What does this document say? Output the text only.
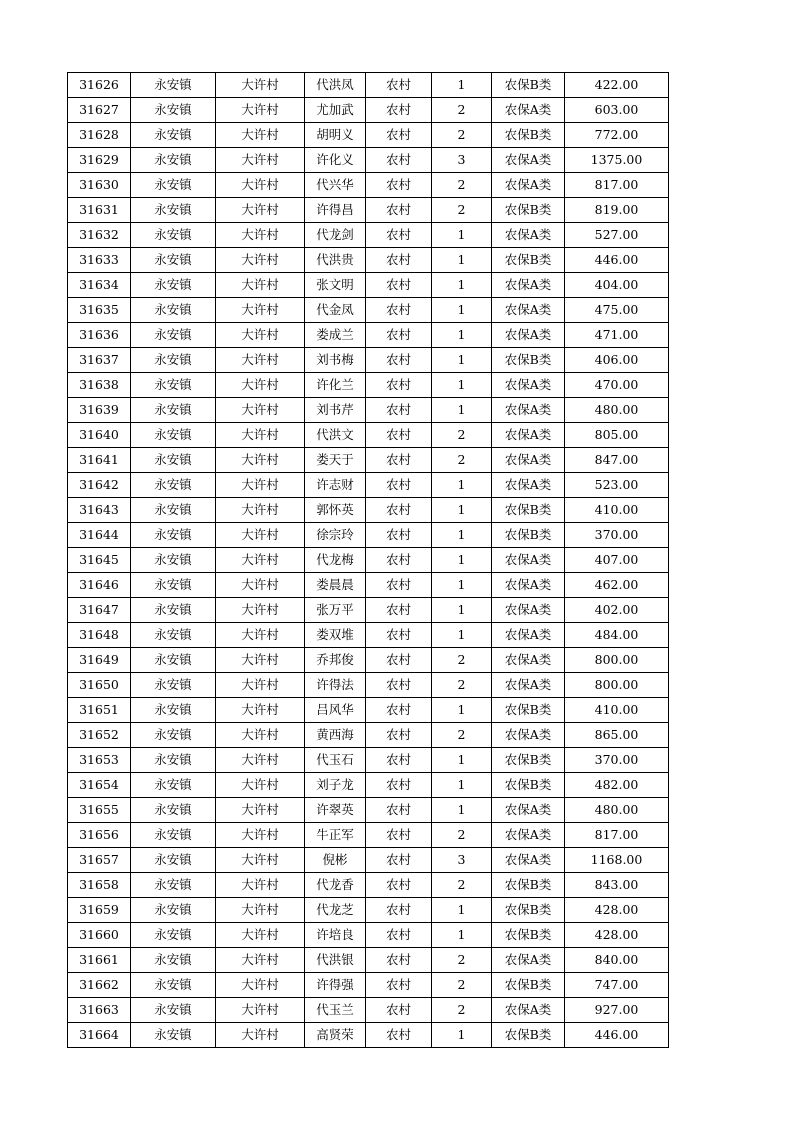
31626	永安镇	大许村	代洪凤	农村	1	农保B类	422.00
31627	永安镇	大许村	尤加武	农村	2	农保A类	603.00
31628	永安镇	大许村	胡明义	农村	2	农保B类	772.00
31629	永安镇	大许村	许化义	农村	3	农保A类	1375.00
31630	永安镇	大许村	代兴华	农村	2	农保A类	817.00
31631	永安镇	大许村	许得昌	农村	2	农保B类	819.00
31632	永安镇	大许村	代龙剑	农村	1	农保A类	527.00
31633	永安镇	大许村	代洪贵	农村	1	农保B类	446.00
31634	永安镇	大许村	张文明	农村	1	农保A类	404.00
31635	永安镇	大许村	代金凤	农村	1	农保A类	475.00
31636	永安镇	大许村	娄成兰	农村	1	农保A类	471.00
31637	永安镇	大许村	刘书梅	农村	1	农保B类	406.00
31638	永安镇	大许村	许化兰	农村	1	农保A类	470.00
31639	永安镇	大许村	刘书芹	农村	1	农保A类	480.00
31640	永安镇	大许村	代洪文	农村	2	农保A类	805.00
31641	永安镇	大许村	娄天于	农村	2	农保A类	847.00
31642	永安镇	大许村	许志财	农村	1	农保A类	523.00
31643	永安镇	大许村	郭怀英	农村	1	农保B类	410.00
31644	永安镇	大许村	徐宗玲	农村	1	农保B类	370.00
31645	永安镇	大许村	代龙梅	农村	1	农保A类	407.00
31646	永安镇	大许村	娄晨晨	农村	1	农保A类	462.00
31647	永安镇	大许村	张万平	农村	1	农保A类	402.00
31648	永安镇	大许村	娄双堆	农村	1	农保A类	484.00
31649	永安镇	大许村	乔邦俊	农村	2	农保A类	800.00
31650	永安镇	大许村	许得法	农村	2	农保A类	800.00
31651	永安镇	大许村	吕风华	农村	1	农保B类	410.00
31652	永安镇	大许村	黄西海	农村	2	农保A类	865.00
31653	永安镇	大许村	代玉石	农村	1	农保B类	370.00
31654	永安镇	大许村	刘子龙	农村	1	农保B类	482.00
31655	永安镇	大许村	许翠英	农村	1	农保A类	480.00
31656	永安镇	大许村	牛正军	农村	2	农保A类	817.00
31657	永安镇	大许村	倪彬	农村	3	农保A类	1168.00
31658	永安镇	大许村	代龙香	农村	2	农保B类	843.00
31659	永安镇	大许村	代龙芝	农村	1	农保B类	428.00
31660	永安镇	大许村	许培良	农村	1	农保B类	428.00
31661	永安镇	大许村	代洪银	农村	2	农保A类	840.00
31662	永安镇	大许村	许得强	农村	2	农保B类	747.00
31663	永安镇	大许村	代玉兰	农村	2	农保A类	927.00
31664	永安镇	大许村	高贤荣	农村	1	农保B类	446.00
